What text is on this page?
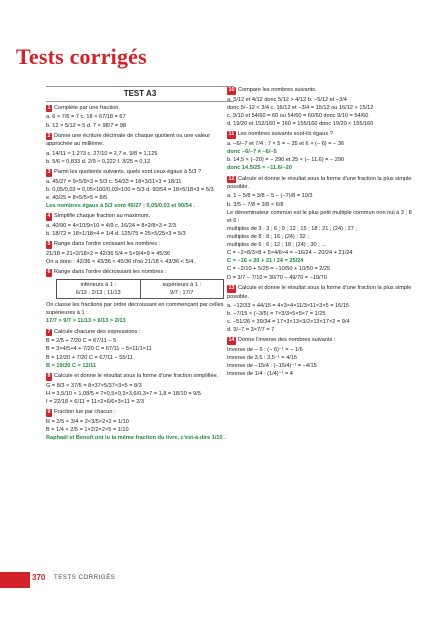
Tests corrigés
TEST A3
1 Complète par une fraction.
a. 6 × 7/6 = 7 c. 18 × 67/18 = 67
b. 12 × 5/12 = 5 d. 7 × 98/7 = 98
2 Donne une écriture décimale de chaque quotient ou une valeur approchée au millième.
a. 14/11 ≈ 1,273 c. 27/10 = 2,7 e. 9/8 = 1,125
b. 5/6 ≈ 0,833 d. 2/9 ≈ 0,222 f. 3/25 = 0,12
3 Parmi les quotients suivants, quels sont ceux égaux à 5/3 ?
a. 45/27 = 9×5/9×3 = 5/3 c. 54/33 = 18×3/11×3 = 18/11
b. 0,05/0,03 = 0,05×100/0,03×100 = 5/3 d. 90/54 = 18×5/18×3 = 5/3
e. 40/25 = 8×5/5×5 = 8/5
Les nombres égaux à 5/3 sont 45/27 ; 0,05/0,03 et 90/54 .
4 Simplifie chaque fraction au maximum.
a. 40/90 = 4×10/9×10 = 4/9 c. 16/24 = 8×2/8×3 = 2/3
b. 18/72 = 18×1/18×4 = 1/4 d. 125/75 = 25×5/25×3 = 5/3
5 Range dans l'ordre croissant les nombres :
21/18 = 21×2/18×2 = 42/36 5/4 = 5×9/4×9 = 45/36
On a donc : 42/36 < 43/36 < 45/36 d'où 21/18 < 43/36 < 5/4 .
6 Range dans l'ordre décroissant les nombres :
inférieurs à 1 :
6/13 ; 2/13 ; 11/13
supérieurs à 1 :
9/7 ; 17/7
On classe les fractions par ordre décroissant en commençant par celles supérieures à 1 :
17/7 > 9/7 > 11/13 > 6/13 > 2/13
7 Calcule chacune des expressions :
B = 2/5 + 7/20 C = 67/11 − 5
B = 3×4/5×4 + 7/20 C = 67/11 − 5×11/1×11
B = 12/20 + 7/20 C = 67/11 − 55/11
B = 19/20 C = 12/11
8 Calcule et donne le résultat sous la forme d'une fraction simplifiée.
G = 8/3 × 37/5 = 8×37×5/37×3×5 = 8/3
H = 3,5/10 × 1,08/5 = 7×0,5×0,3×3,6/0,3×7 = 1,8 = 18/10 = 9/5
I = 22/18 × 6/11 = 11×2×6/6×3×11 = 2/3
9 Fraction lue par chacun :
R = 2/5 × 3/4 = 2×3/5×2×2 = 1/10
B = 1/4 × 2/5 = 1×2/2×2×5 = 1/10
Raphaël et Benoît ont lu la même fraction du livre, c'est-à-dire 1/10 .
10 Compare les nombres suivants.
a. 5/12 et 4/12 donc 5/12 > 4/12 b. −5/12 et −3/4
donc 5/−12 < 3/4 c. 16/12 et −3/4 = 15/12 ou 16/12 > 15/12
c. 9/10 et 54/60 = 60 ou 54/60 = 60/60 donc 9/10 = 54/60
d. 19/20 et 152/160 = 160 = 155/160 donc 19/20 < 155/160
11 Les nombres suivants sont-ils égaux ?
a. −6/−7 et 7/4 : 7 × 5 = − 35 et 6 × (− 6) = − 36
donc −6/−7 ≠ −6/−5
b. 14,5 × (−20) = − 290 et 25 × (− 11,6) = − 290
donc 14,5/25 = −11,6/−20
12 Calcule et donne le résultat sous la forme d'une fraction la plus simple possible.
a. 1 − 5/8 = 3/8 − 5 − (−7)/8 = 10/3
b. 3/5 − 7/8 = 3/8 × 6/8
Le dénominateur commun est le plus petit multiple commun non nul à 3 ; 8 et 6 :
multiples de 3 : 3 ; 6 ; 9 ; 12 ; 15 ; 18 ; 21 ; (24) ; 27 ;
multiples de 8 : 8 ; 16 ; (24) ; 32 ;
multiples de 6 : 6 ; 12 ; 18 ; (24) ; 30 ; ...
C = −2×8/3×8 + 5×4/6×4 = −16/24 − 20/24 + 21/24
C = −16 + 20 + 21 / 24 = 25/24
C = −2/10 + 5/25 = −10/50 + 10/50 = 2/25
D = 3/7 − 7/10 = 30/70 − 49/70 = −19/70
13 Calcule et donne le résultat sous la forme d'une fraction la plus simple possible.
a. −12/33 × 44/15 = 4×3×4×11/3×11×3×5 = 16/15
b. −7/15 × (−3/5) = 7×3/3×5×5×7 = 1/25
c. −51/26 × 39/34 = 17×3×13×3/2×13×17×2 = 9/4
d. 3/−7 = 3×7/7 = 7
14 Donne l'inverse des nombres suivants :
Inverse de − 6 : (− 6)⁻¹ = − 1/6
Inverse de 3,5 : 3,5⁻¹ = 4/15
Inverse de −15/4 : (−15/4)⁻¹ = −4/15
Inverse de 1/4 : (1/4)⁻¹ = 4
370 TESTS CORRIGÉS
